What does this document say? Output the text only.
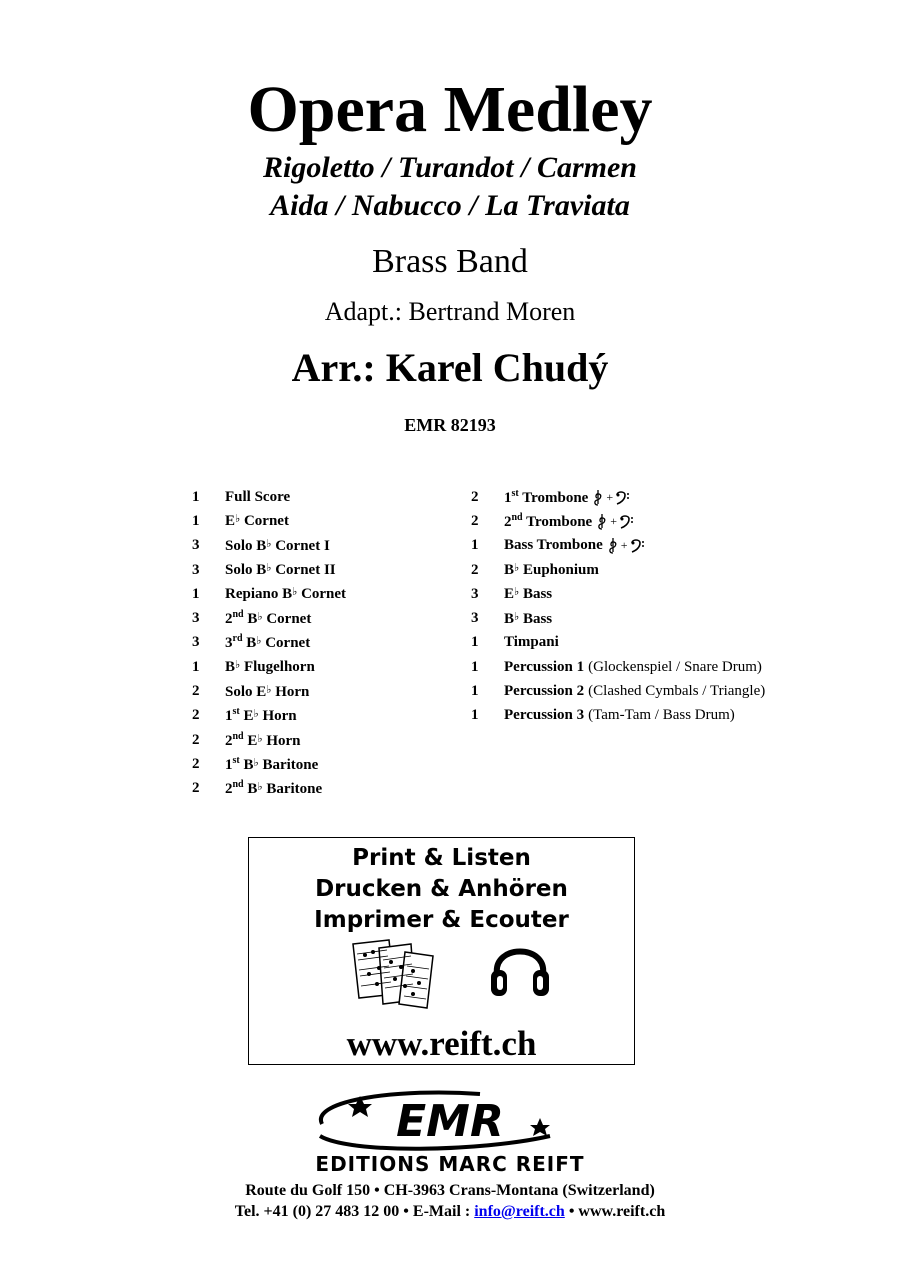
Opera Medley
Rigoletto / Turandot / Carmen
Aida / Nabucco / La Traviata
Brass Band
Adapt.: Bertrand Moren
Arr.: Karel Chudý
EMR 82193
1	Full Score
1	E♭ Cornet
3	Solo B♭ Cornet I
3	Solo B♭ Cornet II
1	Repiano B♭ Cornet
3	2nd B♭ Cornet
3	3rd B♭ Cornet
1	B♭ Flugelhorn
2	Solo E♭ Horn
2	1st E♭ Horn
2	2nd E♭ Horn
2	1st B♭ Baritone
2	2nd B♭ Baritone
2	1st Trombone +
2	2nd Trombone +
1	Bass Trombone +
2	B♭ Euphonium
3	E♭ Bass
3	B♭ Bass
1	Timpani
1	Percussion 1 (Glockenspiel / Snare Drum)
1	Percussion 2 (Clashed Cymbals / Triangle)
1	Percussion 3 (Tam-Tam / Bass Drum)
Print & Listen
Drucken & Anhören
Imprimer & Ecouter
www.reift.ch
EMR
EDITIONS MARC REIFT
Route du Golf 150 • CH-3963 Crans-Montana (Switzerland)
Tel. +41 (0) 27 483 12 00 • E-Mail : info@reift.ch • www.reift.ch
